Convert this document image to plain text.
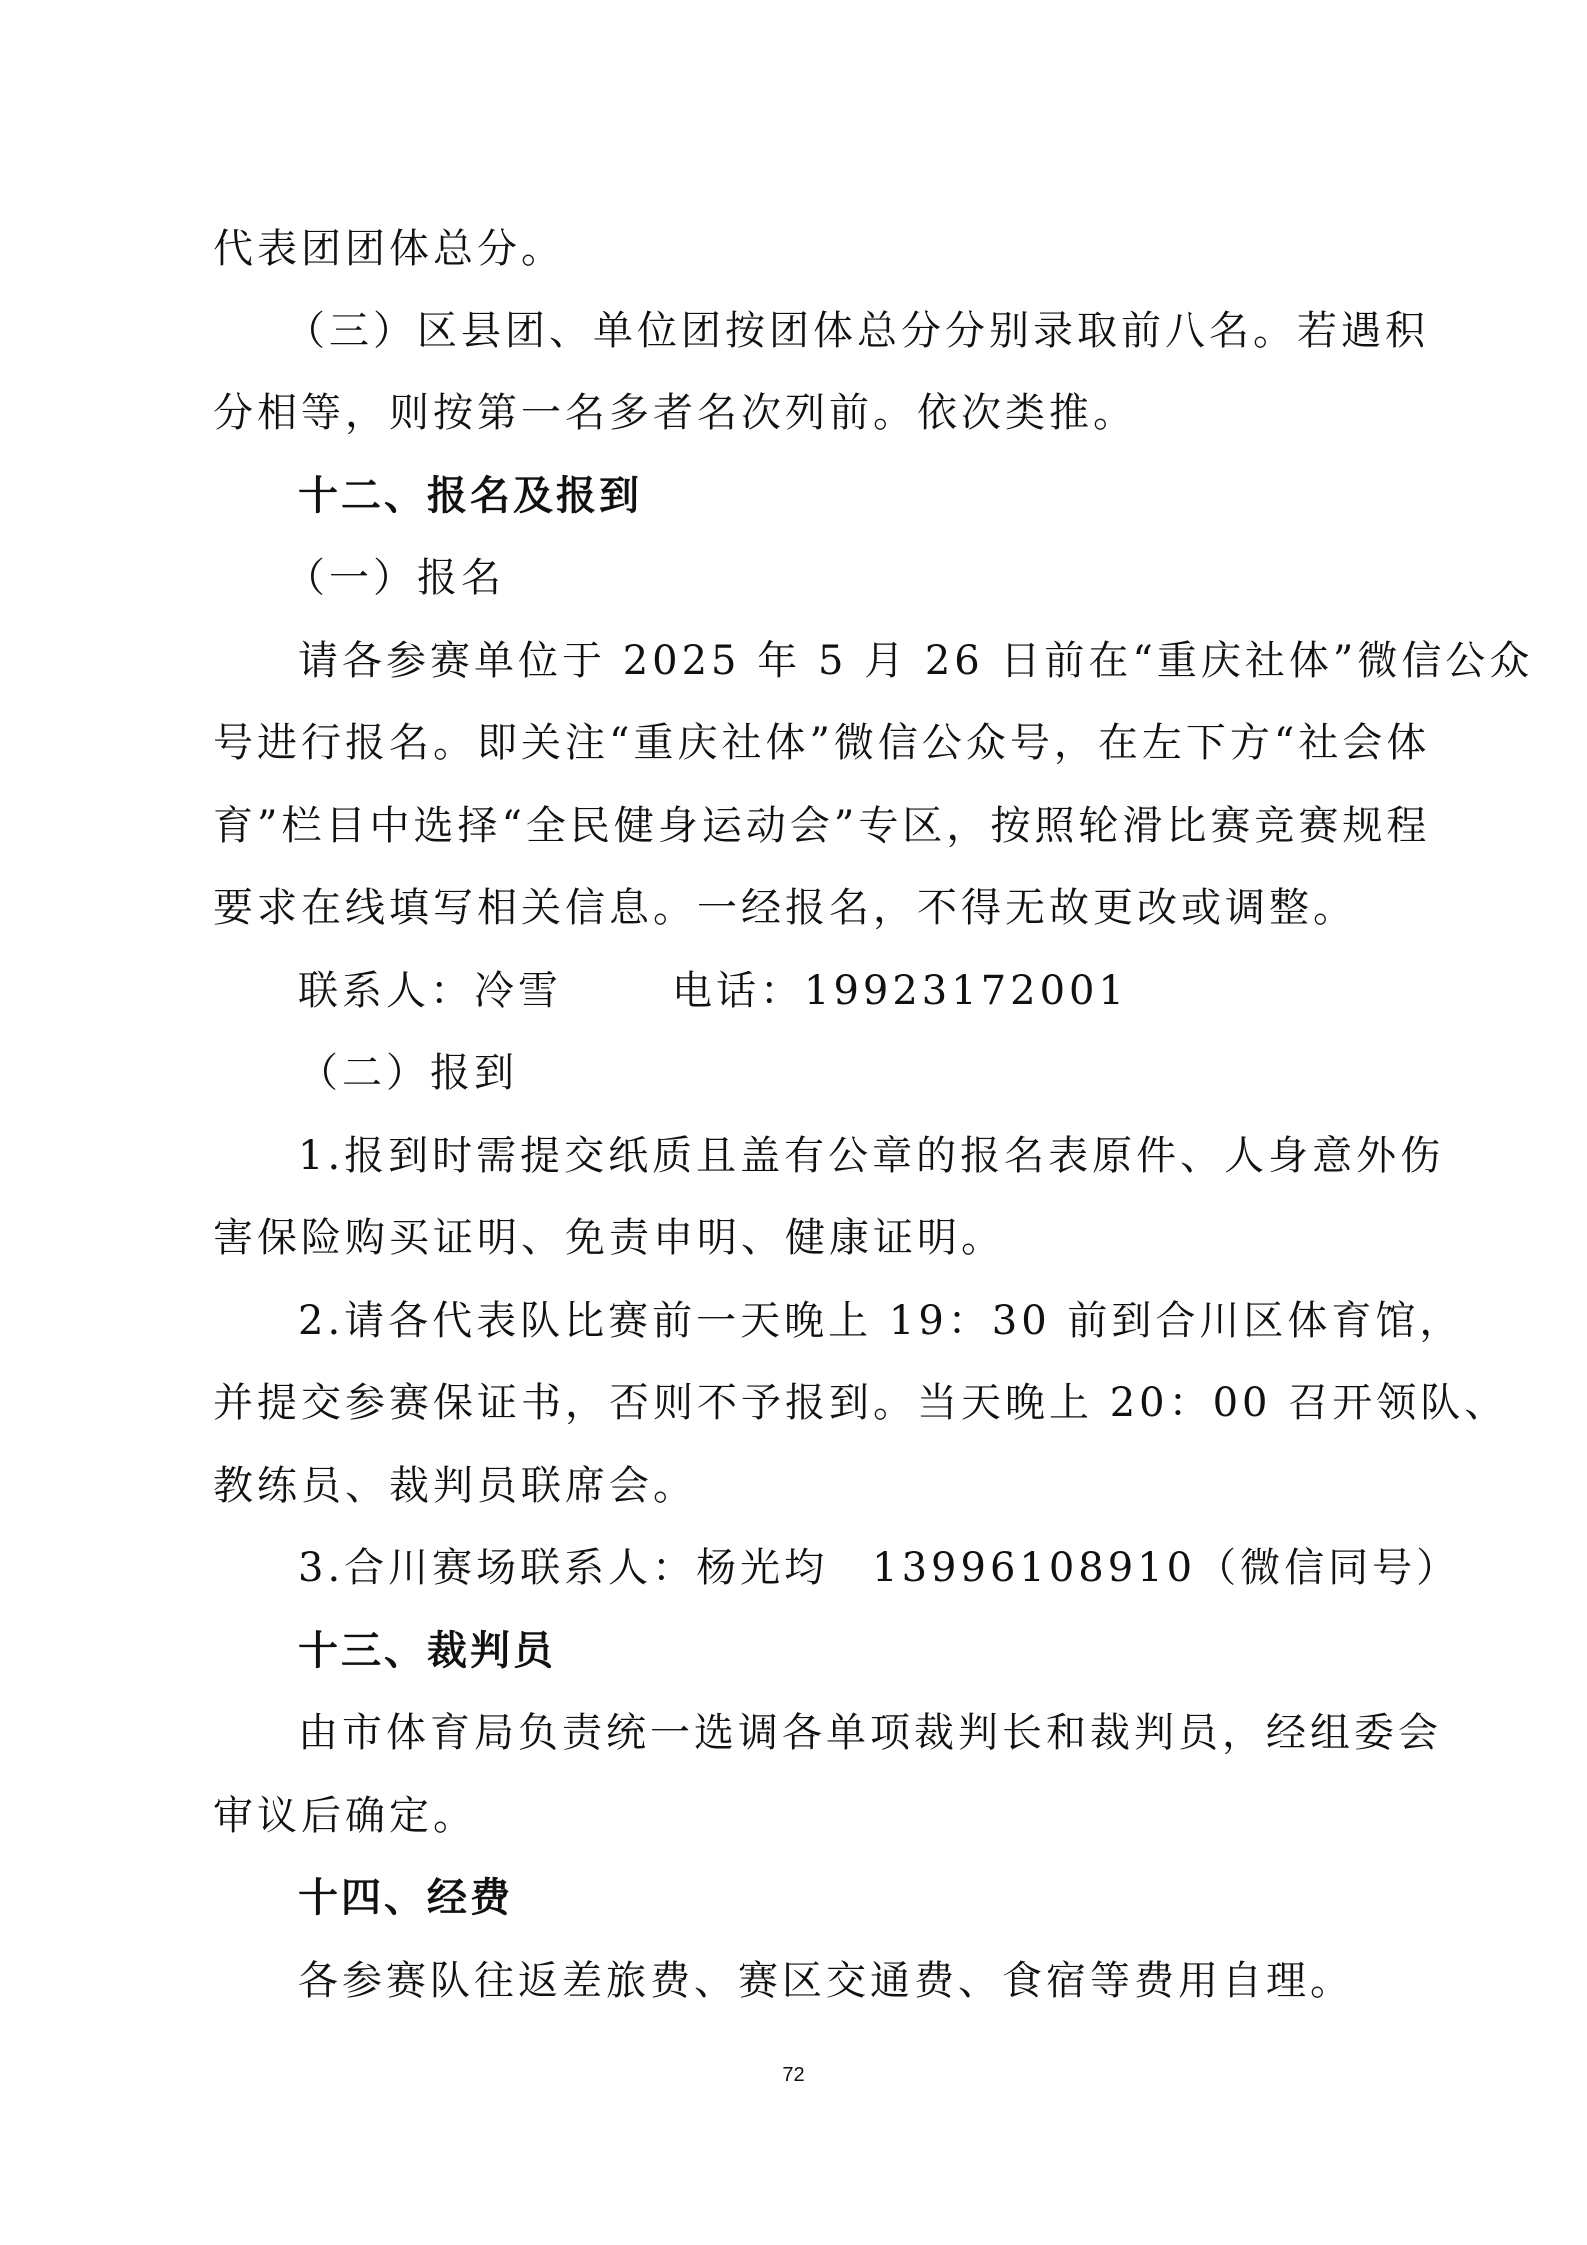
代表团团体总分。
（三）区县团、单位团按团体总分分别录取前八名。若遇积
分相等，则按第一名多者名次列前。依次类推。
十二、报名及报到
（一）报名
请各参赛单位于 2025 年 5 月 26 日前在“重庆社体”微信公众
号进行报名。即关注“重庆社体”微信公众号，在左下方“社会体
育”栏目中选择“全民健身运动会”专区，按照轮滑比赛竞赛规程
要求在线填写相关信息。一经报名，不得无故更改或调整。
联系人：冷雪	电话：19923172001
（二）报到
1.报到时需提交纸质且盖有公章的报名表原件、人身意外伤
害保险购买证明、免责申明、健康证明。
2.请各代表队比赛前一天晚上 19：30 前到合川区体育馆，
并提交参赛保证书，否则不予报到。当天晚上 20：00 召开领队、
教练员、裁判员联席会。
3.合川赛场联系人：杨光均　13996108910（微信同号）
十三、裁判员
由市体育局负责统一选调各单项裁判长和裁判员，经组委会
审议后确定。
十四、经费
各参赛队往返差旅费、赛区交通费、食宿等费用自理。
72
